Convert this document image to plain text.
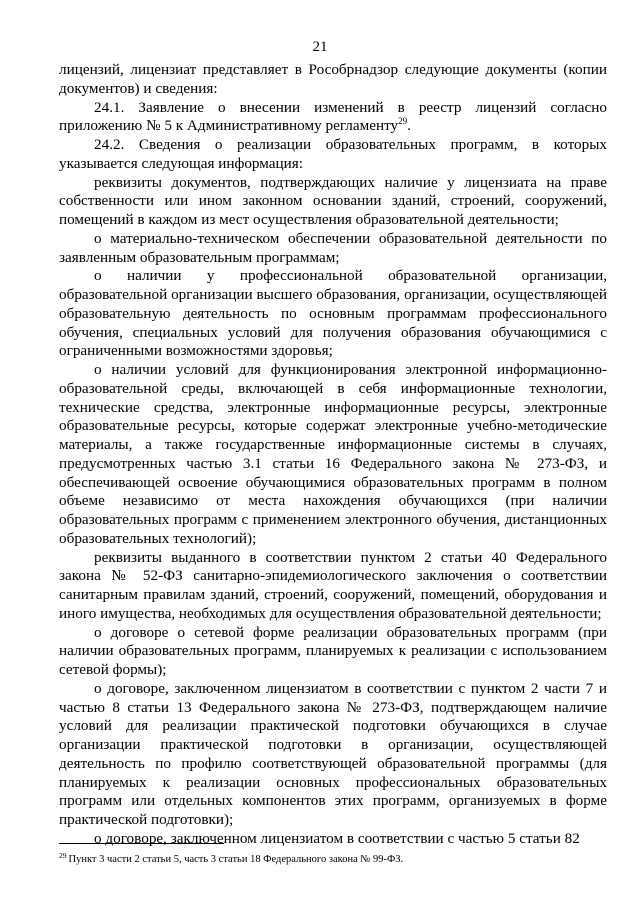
21

лицензий, лицензиат представляет в Рособрнадзор следующие документы (копии документов) и сведения:

24.1. Заявление о внесении изменений в реестр лицензий согласно приложению № 5 к Административному регламенту$^{29}$.

24.2. Сведения о реализации образовательных программ, в которых указывается следующая информация:

реквизиты документов, подтверждающих наличие у лицензиата на праве собственности или ином законном основании зданий, строений, сооружений, помещений в каждом из мест осуществления образовательной деятельности;

о материально-техническом обеспечении образовательной деятельности по заявленным образовательным программам;

о наличии у профессиональной образовательной организации, образовательной организации высшего образования, организации, осуществляющей образовательную деятельность по основным программам профессионального обучения, специальных условий для получения образования обучающимися с ограниченными возможностями здоровья;

о наличии условий для функционирования электронной информационно-образовательной среды, включающей в себя информационные технологии, технические средства, электронные информационные ресурсы, электронные образовательные ресурсы, которые содержат электронные учебно-методические материалы, а также государственные информационные системы в случаях, предусмотренных частью 3.1 статьи 16 Федерального закона № 273-ФЗ, и обеспечивающей освоение обучающимися образовательных программ в полном объеме независимо от места нахождения обучающихся (при наличии образовательных программ с применением электронного обучения, дистанционных образовательных технологий);

реквизиты выданного в соответствии пунктом 2 статьи 40 Федерального закона № 52-ФЗ санитарно-эпидемиологического заключения о соответствии санитарным правилам зданий, строений, сооружений, помещений, оборудования и иного имущества, необходимых для осуществления образовательной деятельности;

о договоре о сетевой форме реализации образовательных программ (при наличии образовательных программ, планируемых к реализации с использованием сетевой формы);

о договоре, заключенном лицензиатом в соответствии с пунктом 2 части 7 и частью 8 статьи 13 Федерального закона № 273-ФЗ, подтверждающем наличие условий для реализации практической подготовки обучающихся в случае организации практической подготовки в организации, осуществляющей деятельность по профилю соответствующей образовательной программы (для планируемых к реализации основных профессиональных образовательных программ или отдельных компонентов этих программ, организуемых в форме практической подготовки);

о договоре, заключенном лицензиатом в соответствии с частью 5 статьи 82

$^{29}$ Пункт 3 части 2 статьи 5, часть 3 статьи 18 Федерального закона № 99-ФЗ.
